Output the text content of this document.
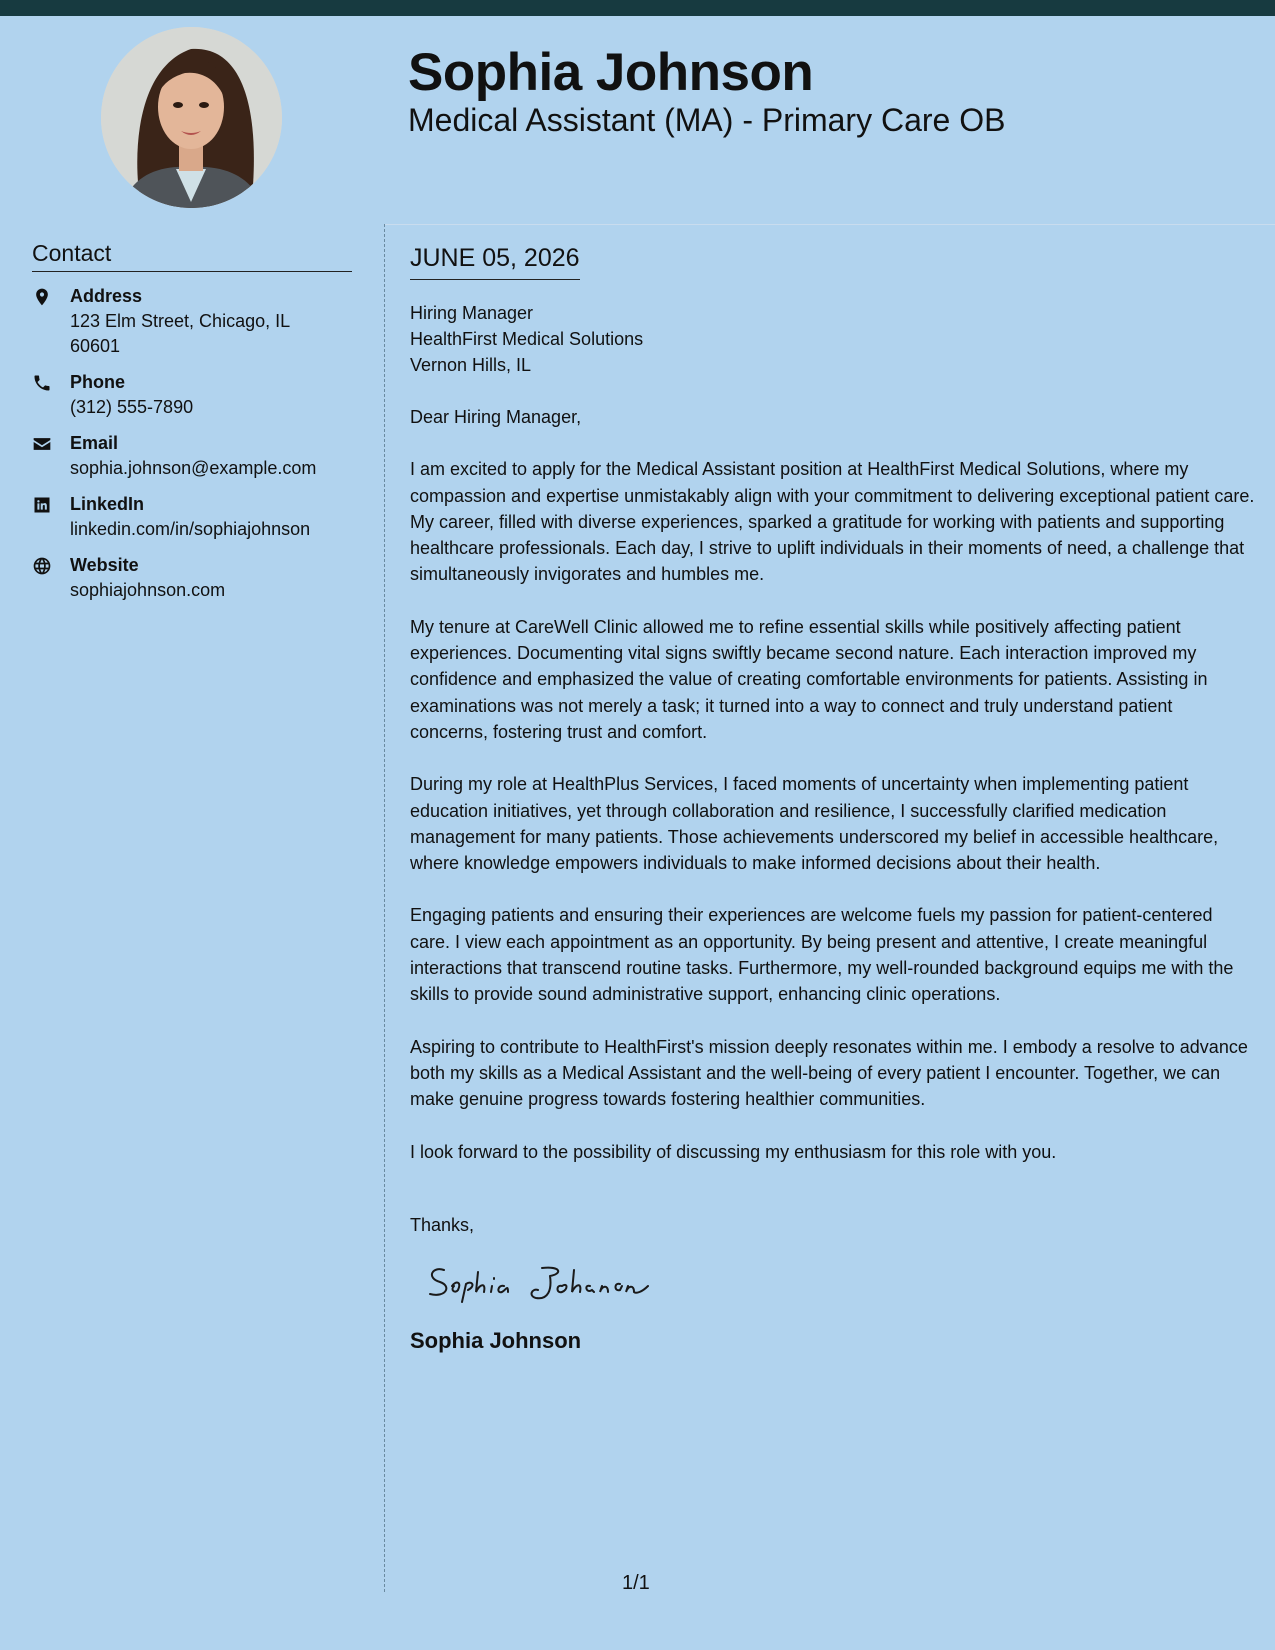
Sophia Johnson
Medical Assistant (MA) - Primary Care OB
Contact
Address
123 Elm Street, Chicago, IL 60601
Phone
(312) 555-7890
Email
sophia.johnson@example.com
LinkedIn
linkedin.com/in/sophiajohnson
Website
sophiajohnson.com
JUNE 05, 2026
Hiring Manager
HealthFirst Medical Solutions
Vernon Hills, IL
Dear Hiring Manager,
I am excited to apply for the Medical Assistant position at HealthFirst Medical Solutions, where my compassion and expertise unmistakably align with your commitment to delivering exceptional patient care. My career, filled with diverse experiences, sparked a gratitude for working with patients and supporting healthcare professionals. Each day, I strive to uplift individuals in their moments of need, a challenge that simultaneously invigorates and humbles me.
My tenure at CareWell Clinic allowed me to refine essential skills while positively affecting patient experiences. Documenting vital signs swiftly became second nature. Each interaction improved my confidence and emphasized the value of creating comfortable environments for patients. Assisting in examinations was not merely a task; it turned into a way to connect and truly understand patient concerns, fostering trust and comfort.
During my role at HealthPlus Services, I faced moments of uncertainty when implementing patient education initiatives, yet through collaboration and resilience, I successfully clarified medication management for many patients. Those achievements underscored my belief in accessible healthcare, where knowledge empowers individuals to make informed decisions about their health.
Engaging patients and ensuring their experiences are welcome fuels my passion for patient-centered care. I view each appointment as an opportunity. By being present and attentive, I create meaningful interactions that transcend routine tasks. Furthermore, my well-rounded background equips me with the skills to provide sound administrative support, enhancing clinic operations.
Aspiring to contribute to HealthFirst's mission deeply resonates within me. I embody a resolve to advance both my skills as a Medical Assistant and the well-being of every patient I encounter. Together, we can make genuine progress towards fostering healthier communities.
I look forward to the possibility of discussing my enthusiasm for this role with you.
Thanks,
Sophia Johnson
1/1
